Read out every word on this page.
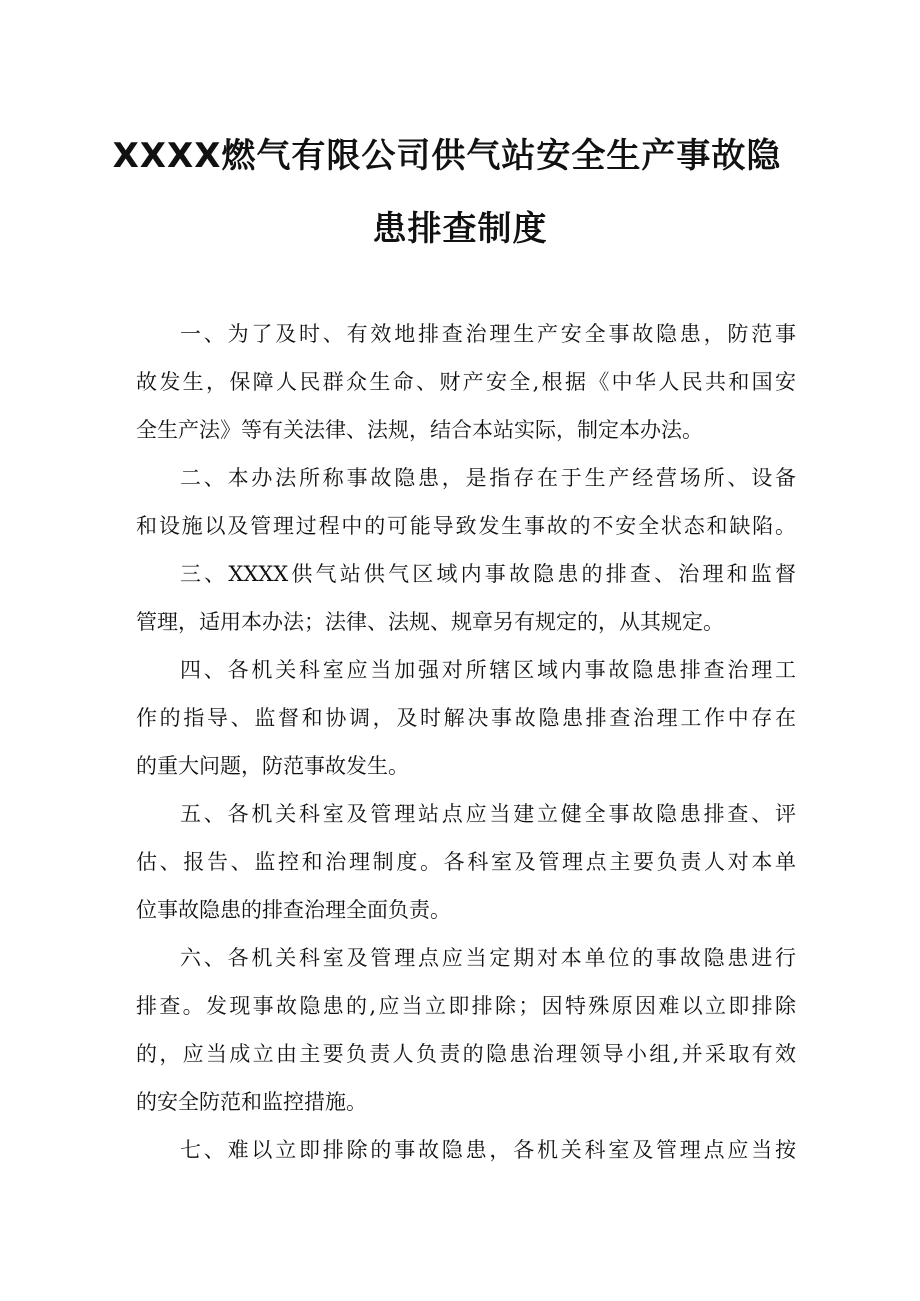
XXXX燃气有限公司供气站安全生产事故隐
患排查制度
一、为了及时、有效地排查治理生产安全事故隐患，防范事
故发生，保障人民群众生命、财产安全,根据《中华人民共和国安
全生产法》等有关法律、法规，结合本站实际，制定本办法。
二、本办法所称事故隐患，是指存在于生产经营场所、设备
和设施以及管理过程中的可能导致发生事故的不安全状态和缺陷。
三、XXXX供气站供气区域内事故隐患的排查、治理和监督
管理，适用本办法；法律、法规、规章另有规定的，从其规定。
四、各机关科室应当加强对所辖区域内事故隐患排查治理工
作的指导、监督和协调，及时解决事故隐患排查治理工作中存在
的重大问题，防范事故发生。
五、各机关科室及管理站点应当建立健全事故隐患排查、评
估、报告、监控和治理制度。各科室及管理点主要负责人对本单
位事故隐患的排查治理全面负责。
六、各机关科室及管理点应当定期对本单位的事故隐患进行
排查。发现事故隐患的,应当立即排除；因特殊原因难以立即排除
的，应当成立由主要负责人负责的隐患治理领导小组,并采取有效
的安全防范和监控措施。
七、难以立即排除的事故隐患，各机关科室及管理点应当按
